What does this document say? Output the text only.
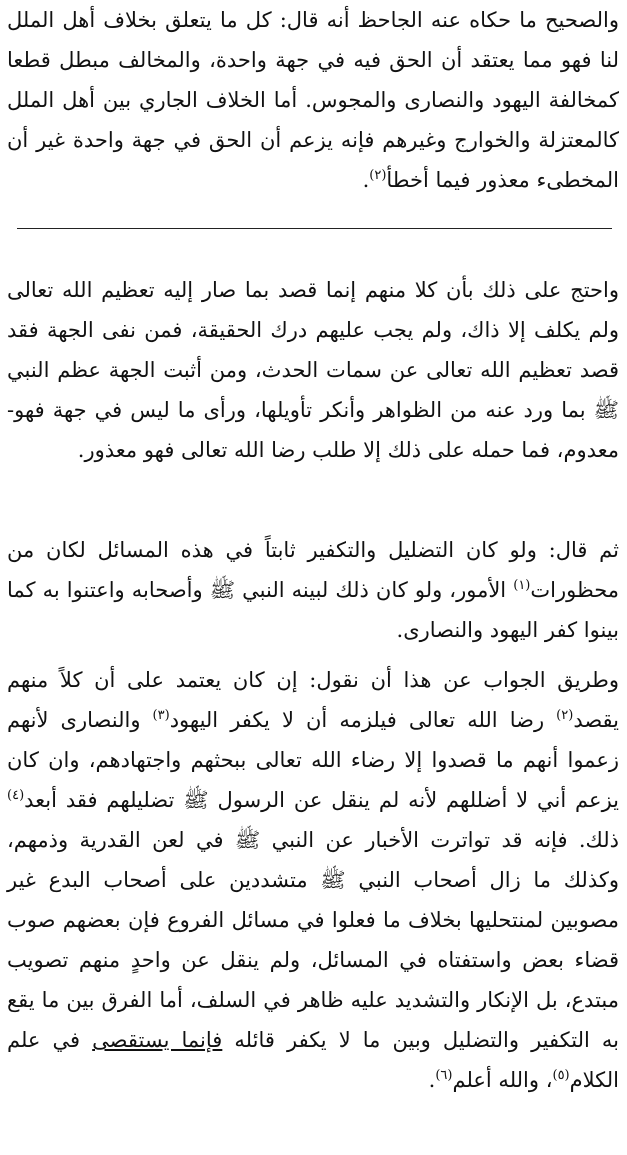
والصحيح ما حكاه عنه الجاحظ أنه قال: كل ما يتعلق بخلاف أهل الملل لنا فهو مما يعتقد أن الحق فيه في جهة واحدة، والمخالف مبطل قطعا كمخالفة اليهود والنصارى والمجوس. أما الخلاف الجاري بين أهل الملل كالمعتزلة والخوارج وغيرهم فإنه يزعم أن الحق في جهة واحدة غير أن المخطىء معذور فيما أخطأ$^{(٢)}$.

واحتج على ذلك بأن كلا منهم إنما قصد بما صار إليه تعظيم الله تعالى ولم يكلف إلا ذاك، ولم يجب عليهم درك الحقيقة، فمن نفى الجهة فقد قصد تعظيم الله تعالى عن سمات الحدث، ومن أثبت الجهة عظم النبي ﷺ بما ورد عنه من الظواهر وأنكر تأويلها، ورأى ما ليس في جهة فهو- معدوم، فما حمله على ذلك إلا طلب رضا الله تعالى فهو معذور.

ثم قال: ولو كان التضليل والتكفير ثابتاً في هذه المسائل لكان من محظورات$^{(١)}$ الأمور، ولو كان ذلك لبينه النبي ﷺ وأصحابه واعتنوا به كما بينوا كفر اليهود والنصارى.

وطريق الجواب عن هذا أن نقول: إن كان يعتمد على أن كلاً منهم يقصد$^{(٢)}$ رضا الله تعالى فيلزمه أن لا يكفر اليهود$^{(٣)}$ والنصارى لأنهم زعموا أنهم ما قصدوا إلا رضاء الله تعالى ببحثهم واجتهادهم، وان كان يزعم أني لا أضللهم لأنه لم ينقل عن الرسول ﷺ تضليلهم فقد أبعد$^{(٤)}$ ذلك. فإنه قد تواترت الأخبار عن النبي ﷺ في لعن القدرية وذمهم، وكذلك ما زال أصحاب النبي ﷺ متشددين على أصحاب البدع غير مصوبين لمنتحليها بخلاف ما فعلوا في مسائل الفروع فإن بعضهم صوب قضاء بعض واستفتاه في المسائل، ولم ينقل عن واحدٍ منهم تصويب مبتدع، بل الإنكار والتشديد عليه ظاهر في السلف، أما الفرق بين ما يقع به التكفير والتضليل وبين ما لا يكفر قائله فإنما يستقصى في علم الكلام$^{(٥)}$، والله أعلم$^{(٦)}$.
